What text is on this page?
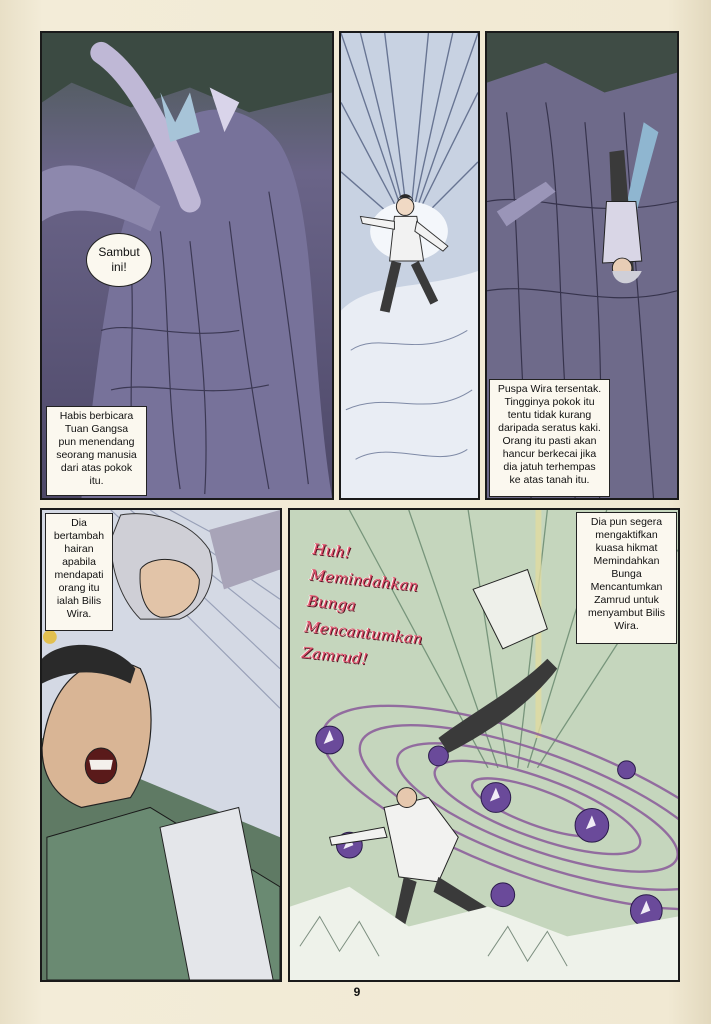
Sambut
ini!
Habis berbicara
Tuan Gangsa
pun menendang
seorang manusia
dari atas pokok
itu.
Puspa Wira tersentak.
Tingginya pokok itu
tentu tidak kurang
daripada seratus kaki.
Orang itu pasti akan
hancur berkecai jika
dia jatuh terhempas
ke atas tanah itu.
Dia
bertambah
hairan
apabila
mendapati
orang itu
ialah Bilis
Wira.
Huh!
Memindahkan
Bunga
Mencantumkan
Zamrud!
Dia pun segera
mengaktifkan
kuasa hikmat
Memindahkan
Bunga
Mencantumkan
Zamrud untuk
menyambut Bilis
Wira.
9
